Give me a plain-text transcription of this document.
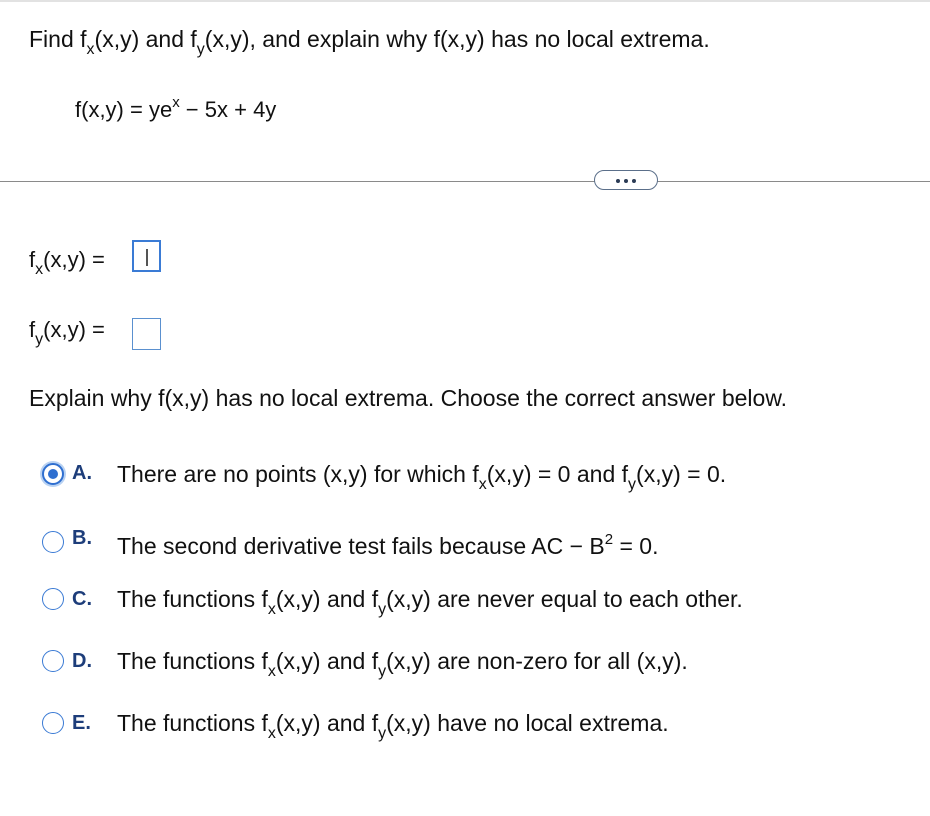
Find $f_x(x,y)$ and $f_y(x,y)$, and explain why f(x,y) has no local extrema.
$f(x,y) = ye^x - 5x + 4y$
$f_x(x,y)$ =
$f_y(x,y)$ =
Explain why f(x,y) has no local extrema. Choose the correct answer below.
A. There are no points (x,y) for which $f_x(x,y) = 0$ and $f_y(x,y) = 0$.
B. The second derivative test fails because AC − $B^2 = 0$.
C. The functions $f_x(x,y)$ and $f_y(x,y)$ are never equal to each other.
D. The functions $f_x(x,y)$ and $f_y(x,y)$ are non-zero for all (x,y).
E. The functions $f_x(x,y)$ and $f_y(x,y)$ have no local extrema.
